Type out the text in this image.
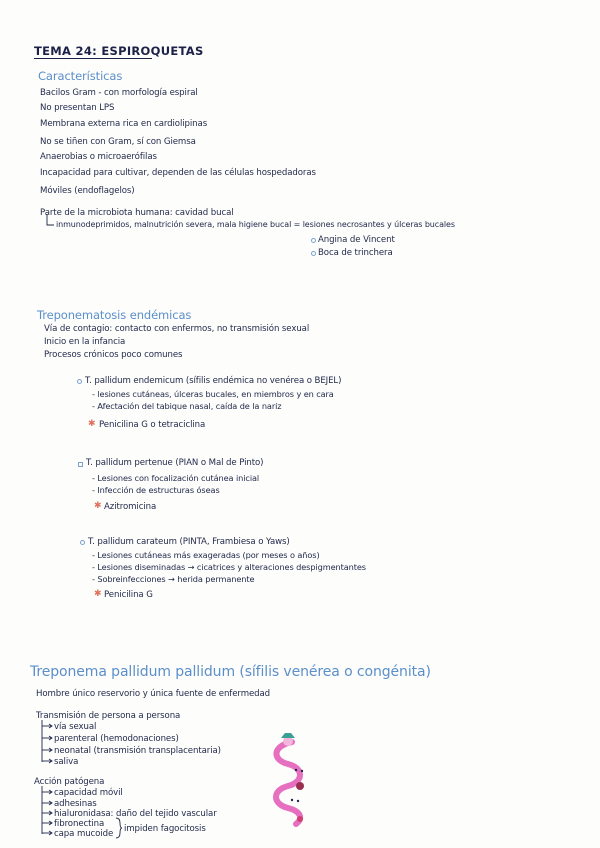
TEMA 24: ESPIROQUETAS
Características
Bacilos Gram - con morfología espiral
No presentan LPS
Membrana externa rica en cardiolipinas
No se tiñen con Gram, sí con Giemsa
Anaerobias o microaerófilas
Incapacidad para cultivar, dependen de las células hospedadoras
Móviles (endoflagelos)
Parte de la microbiota humana: cavidad bucal
inmunodeprimidos, malnutrición severa, mala higiene bucal = lesiones necrosantes y úlceras bucales
Angina de Vincent
Boca de trinchera
Treponematosis endémicas
Vía de contagio: contacto con enfermos, no transmisión sexual
Inicio en la infancia
Procesos crónicos poco comunes
T. pallidum endemicum (sífilis endémica no venérea o BEJEL)
- lesiones cutáneas, úlceras bucales, en miembros y en cara
- Afectación del tabique nasal, caída de la nariz
✱ Penicilina G o tetraciclina
T. pallidum pertenue (PIAN o Mal de Pinto)
- Lesiones con focalización cutánea inicial
- Infección de estructuras óseas
✱ Azitromicina
T. pallidum carateum (PINTA, Frambiesa o Yaws)
- Lesiones cutáneas más exageradas (por meses o años)
- Lesiones diseminadas → cicatrices y alteraciones despigmentantes
- Sobreinfecciones → herida permanente
✱ Penicilina G
Treponema pallidum pallidum (sífilis venérea o congénita)
Hombre único reservorio y única fuente de enfermedad
Transmisión de persona a persona
vía sexual
parenteral (hemodonaciones)
neonatal (transmisión transplacentaria)
saliva
Acción patógena
capacidad móvil
adhesinas
hialuronidasa: daño del tejido vascular
fibronectina
capa mucoide impiden fagocitosis
